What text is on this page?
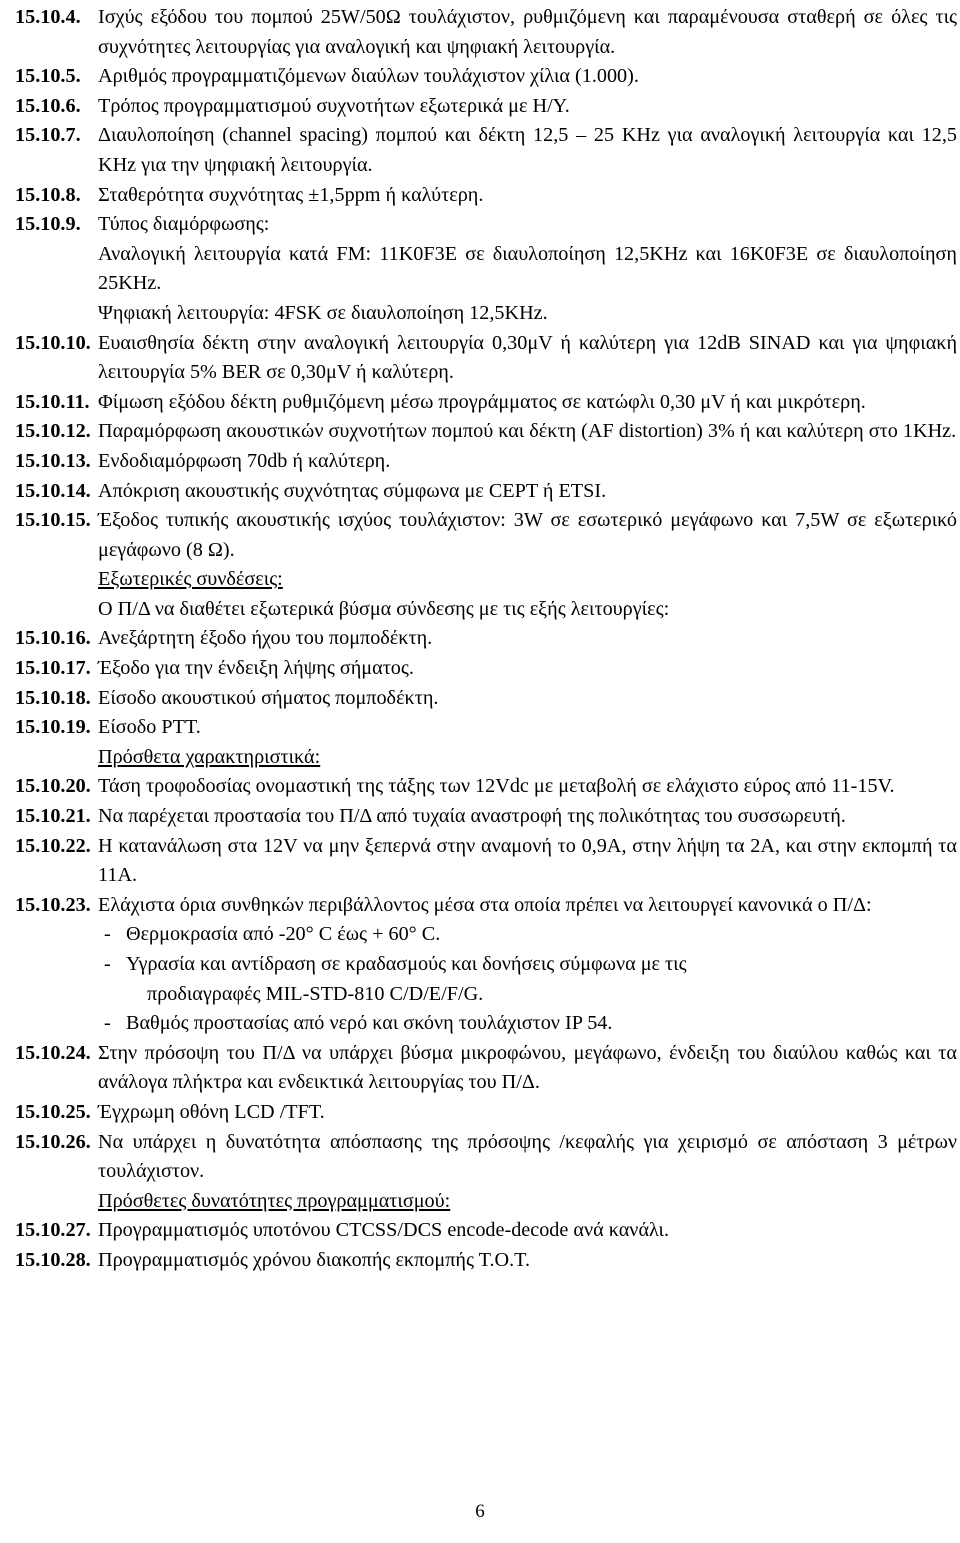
15.10.4. Ισχύς εξόδου του πομπού 25W/50Ω τουλάχιστον, ρυθμιζόμενη και παραμένουσα σταθερή σε όλες τις συχνότητες λειτουργίας για αναλογική και ψηφιακή λειτουργία.
15.10.5. Αριθμός προγραμματιζόμενων διαύλων τουλάχιστον χίλια (1.000).
15.10.6. Τρόπος προγραμματισμού συχνοτήτων εξωτερικά με Η/Υ.
15.10.7. Διαυλοποίηση (channel spacing) πομπού και δέκτη 12,5 – 25 KHz για αναλογική λειτουργία και 12,5 KHz για την ψηφιακή λειτουργία.
15.10.8. Σταθερότητα συχνότητας ±1,5ppm ή καλύτερη.
15.10.9. Τύπος διαμόρφωσης:
Αναλογική λειτουργία κατά FM: 11K0F3E σε διαυλοποίηση 12,5KHz και 16K0F3E σε διαυλοποίηση 25KHz.
Ψηφιακή λειτουργία: 4FSK σε διαυλοποίηση 12,5KHz.
15.10.10. Ευαισθησία δέκτη στην αναλογική λειτουργία 0,30μV ή καλύτερη για 12dB SINAD και για ψηφιακή λειτουργία 5% BER σε 0,30μV ή καλύτερη.
15.10.11. Φίμωση εξόδου δέκτη ρυθμιζόμενη μέσω προγράμματος σε κατώφλι 0,30 μV ή και μικρότερη.
15.10.12. Παραμόρφωση ακουστικών συχνοτήτων πομπού και δέκτη (AF distortion) 3% ή και καλύτερη στο 1KHz.
15.10.13. Ενδοδιαμόρφωση 70db ή καλύτερη.
15.10.14. Απόκριση ακουστικής συχνότητας σύμφωνα με CEPT ή ETSI.
15.10.15. Έξοδος τυπικής ακουστικής ισχύος τουλάχιστον: 3W σε εσωτερικό μεγάφωνο και 7,5W σε εξωτερικό μεγάφωνο (8 Ω).
Εξωτερικές συνδέσεις:
Ο Π/Δ να διαθέτει εξωτερικά βύσμα σύνδεσης με τις εξής λειτουργίες:
15.10.16. Ανεξάρτητη έξοδο ήχου του πομποδέκτη.
15.10.17. Έξοδο για την ένδειξη λήψης σήματος.
15.10.18. Είσοδο ακουστικού σήματος πομποδέκτη.
15.10.19. Είσοδο PTT.
Πρόσθετα χαρακτηριστικά:
15.10.20. Τάση τροφοδοσίας ονομαστική της τάξης των 12Vdc με μεταβολή σε ελάχιστο εύρος από 11-15V.
15.10.21. Να παρέχεται προστασία του Π/Δ από τυχαία αναστροφή της πολικότητας του συσσωρευτή.
15.10.22. Η κατανάλωση στα 12V να μην ξεπερνά στην αναμονή το 0,9Α, στην λήψη τα 2Α, και στην εκπομπή τα 11Α.
15.10.23. Ελάχιστα όρια συνθηκών περιβάλλοντος μέσα στα οποία πρέπει να λειτουργεί κανονικά ο Π/Δ:
- Θερμοκρασία από -20° C έως + 60° C.
- Υγρασία και αντίδραση σε κραδασμούς και δονήσεις σύμφωνα με τις
προδιαγραφές MIL-STD-810 C/D/E/F/G.
- Βαθμός προστασίας από νερό και σκόνη τουλάχιστον IP 54.
15.10.24. Στην πρόσοψη του Π/Δ να υπάρχει βύσμα μικροφώνου, μεγάφωνο, ένδειξη του διαύλου καθώς και τα ανάλογα πλήκτρα και ενδεικτικά λειτουργίας του Π/Δ.
15.10.25. Έγχρωμη οθόνη LCD /TFT.
15.10.26. Να υπάρχει η δυνατότητα απόσπασης της πρόσοψης /κεφαλής για χειρισμό σε απόσταση 3 μέτρων τουλάχιστον.
Πρόσθετες δυνατότητες προγραμματισμού:
15.10.27. Προγραμματισμός υποτόνου CTCSS/DCS encode-decode ανά κανάλι.
15.10.28. Προγραμματισμός χρόνου διακοπής εκπομπής Τ.Ο.Τ.
6
